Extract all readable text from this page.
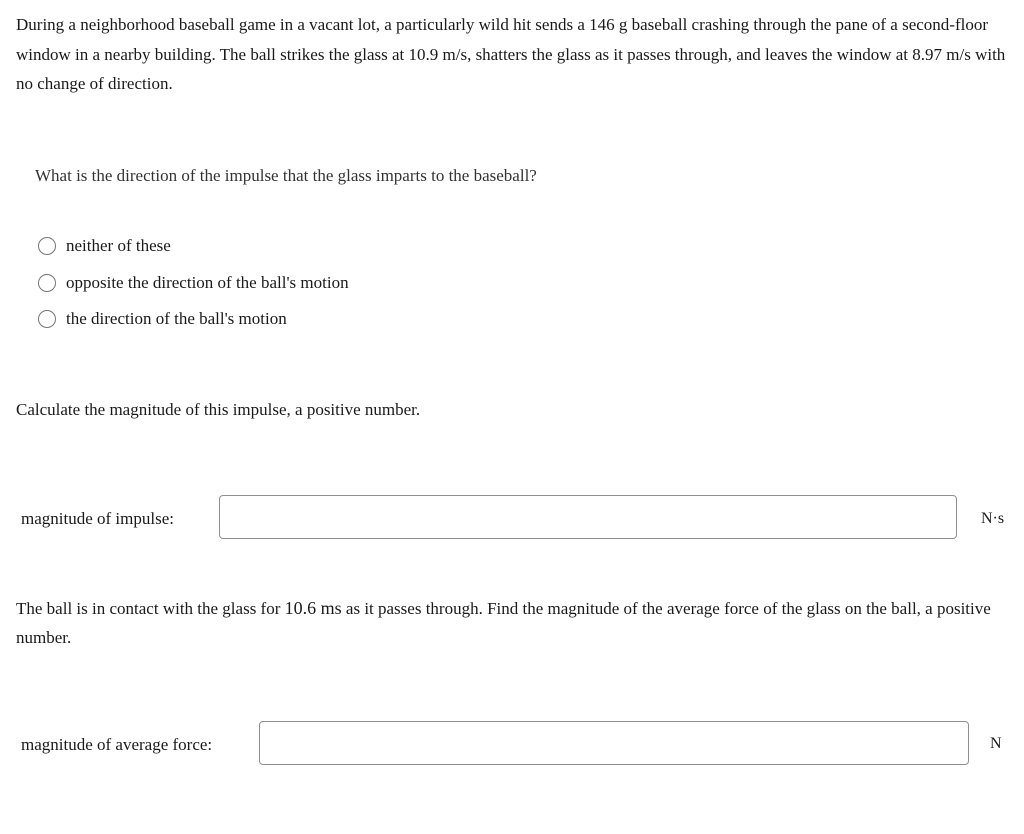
During a neighborhood baseball game in a vacant lot, a particularly wild hit sends a 146 g baseball crashing through the pane of a second-floor window in a nearby building. The ball strikes the glass at 10.9 m/s, shatters the glass as it passes through, and leaves the window at 8.97 m/s with no change of direction.
What is the direction of the impulse that the glass imparts to the baseball?
neither of these
opposite the direction of the ball's motion
the direction of the ball's motion
Calculate the magnitude of this impulse, a positive number.
magnitude of impulse:	N·s
The ball is in contact with the glass for 10.6 ms as it passes through. Find the magnitude of the average force of the glass on the ball, a positive number.
magnitude of average force:	N
